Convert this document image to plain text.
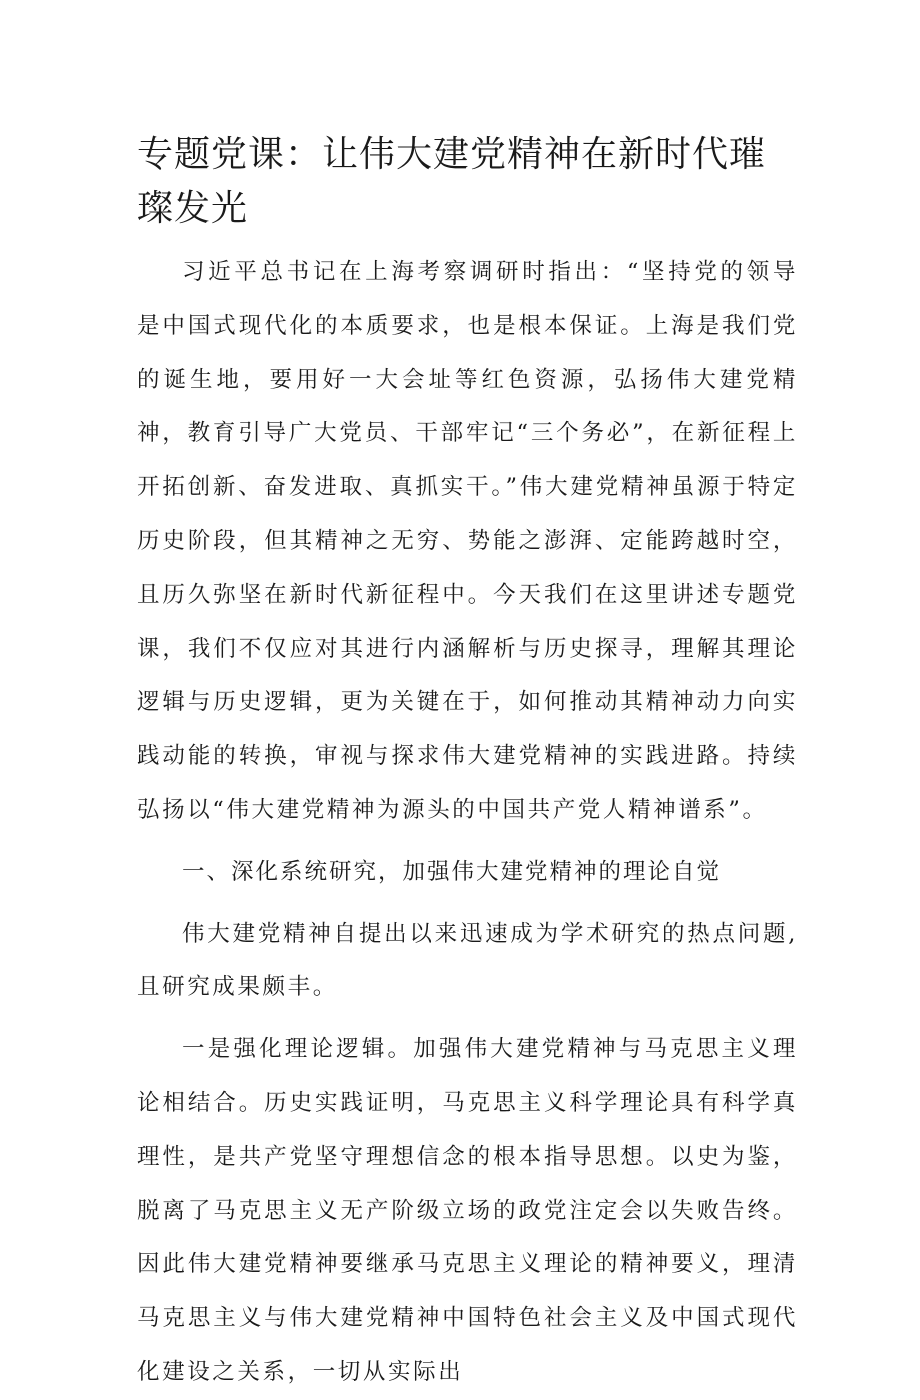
专题党课：让伟大建党精神在新时代璀璨发光

习近平总书记在上海考察调研时指出：“坚持党的领导是中国式现代化的本质要求，也是根本保证。上海是我们党的诞生地，要用好一大会址等红色资源，弘扬伟大建党精神，教育引导广大党员、干部牢记“三个务必”，在新征程上开拓创新、奋发进取、真抓实干。”伟大建党精神虽源于特定历史阶段，但其精神之无穷、势能之澎湃、定能跨越时空，且历久弥坚在新时代新征程中。今天我们在这里讲述专题党课，我们不仅应对其进行内涵解析与历史探寻，理解其理论逻辑与历史逻辑，更为关键在于，如何推动其精神动力向实践动能的转换，审视与探求伟大建党精神的实践进路。持续弘扬以“伟大建党精神为源头的中国共产党人精神谱系”。

一、深化系统研究，加强伟大建党精神的理论自觉

伟大建党精神自提出以来迅速成为学术研究的热点问题,且研究成果颇丰。

一是强化理论逻辑。加强伟大建党精神与马克思主义理论相结合。历史实践证明，马克思主义科学理论具有科学真理性，是共产党坚守理想信念的根本指导思想。以史为鉴，脱离了马克思主义无产阶级立场的政党注定会以失败告终。因此伟大建党精神要继承马克思主义理论的精神要义，理清马克思主义与伟大建党精神中国特色社会主义及中国式现代化建设之关系，一切从实际出
